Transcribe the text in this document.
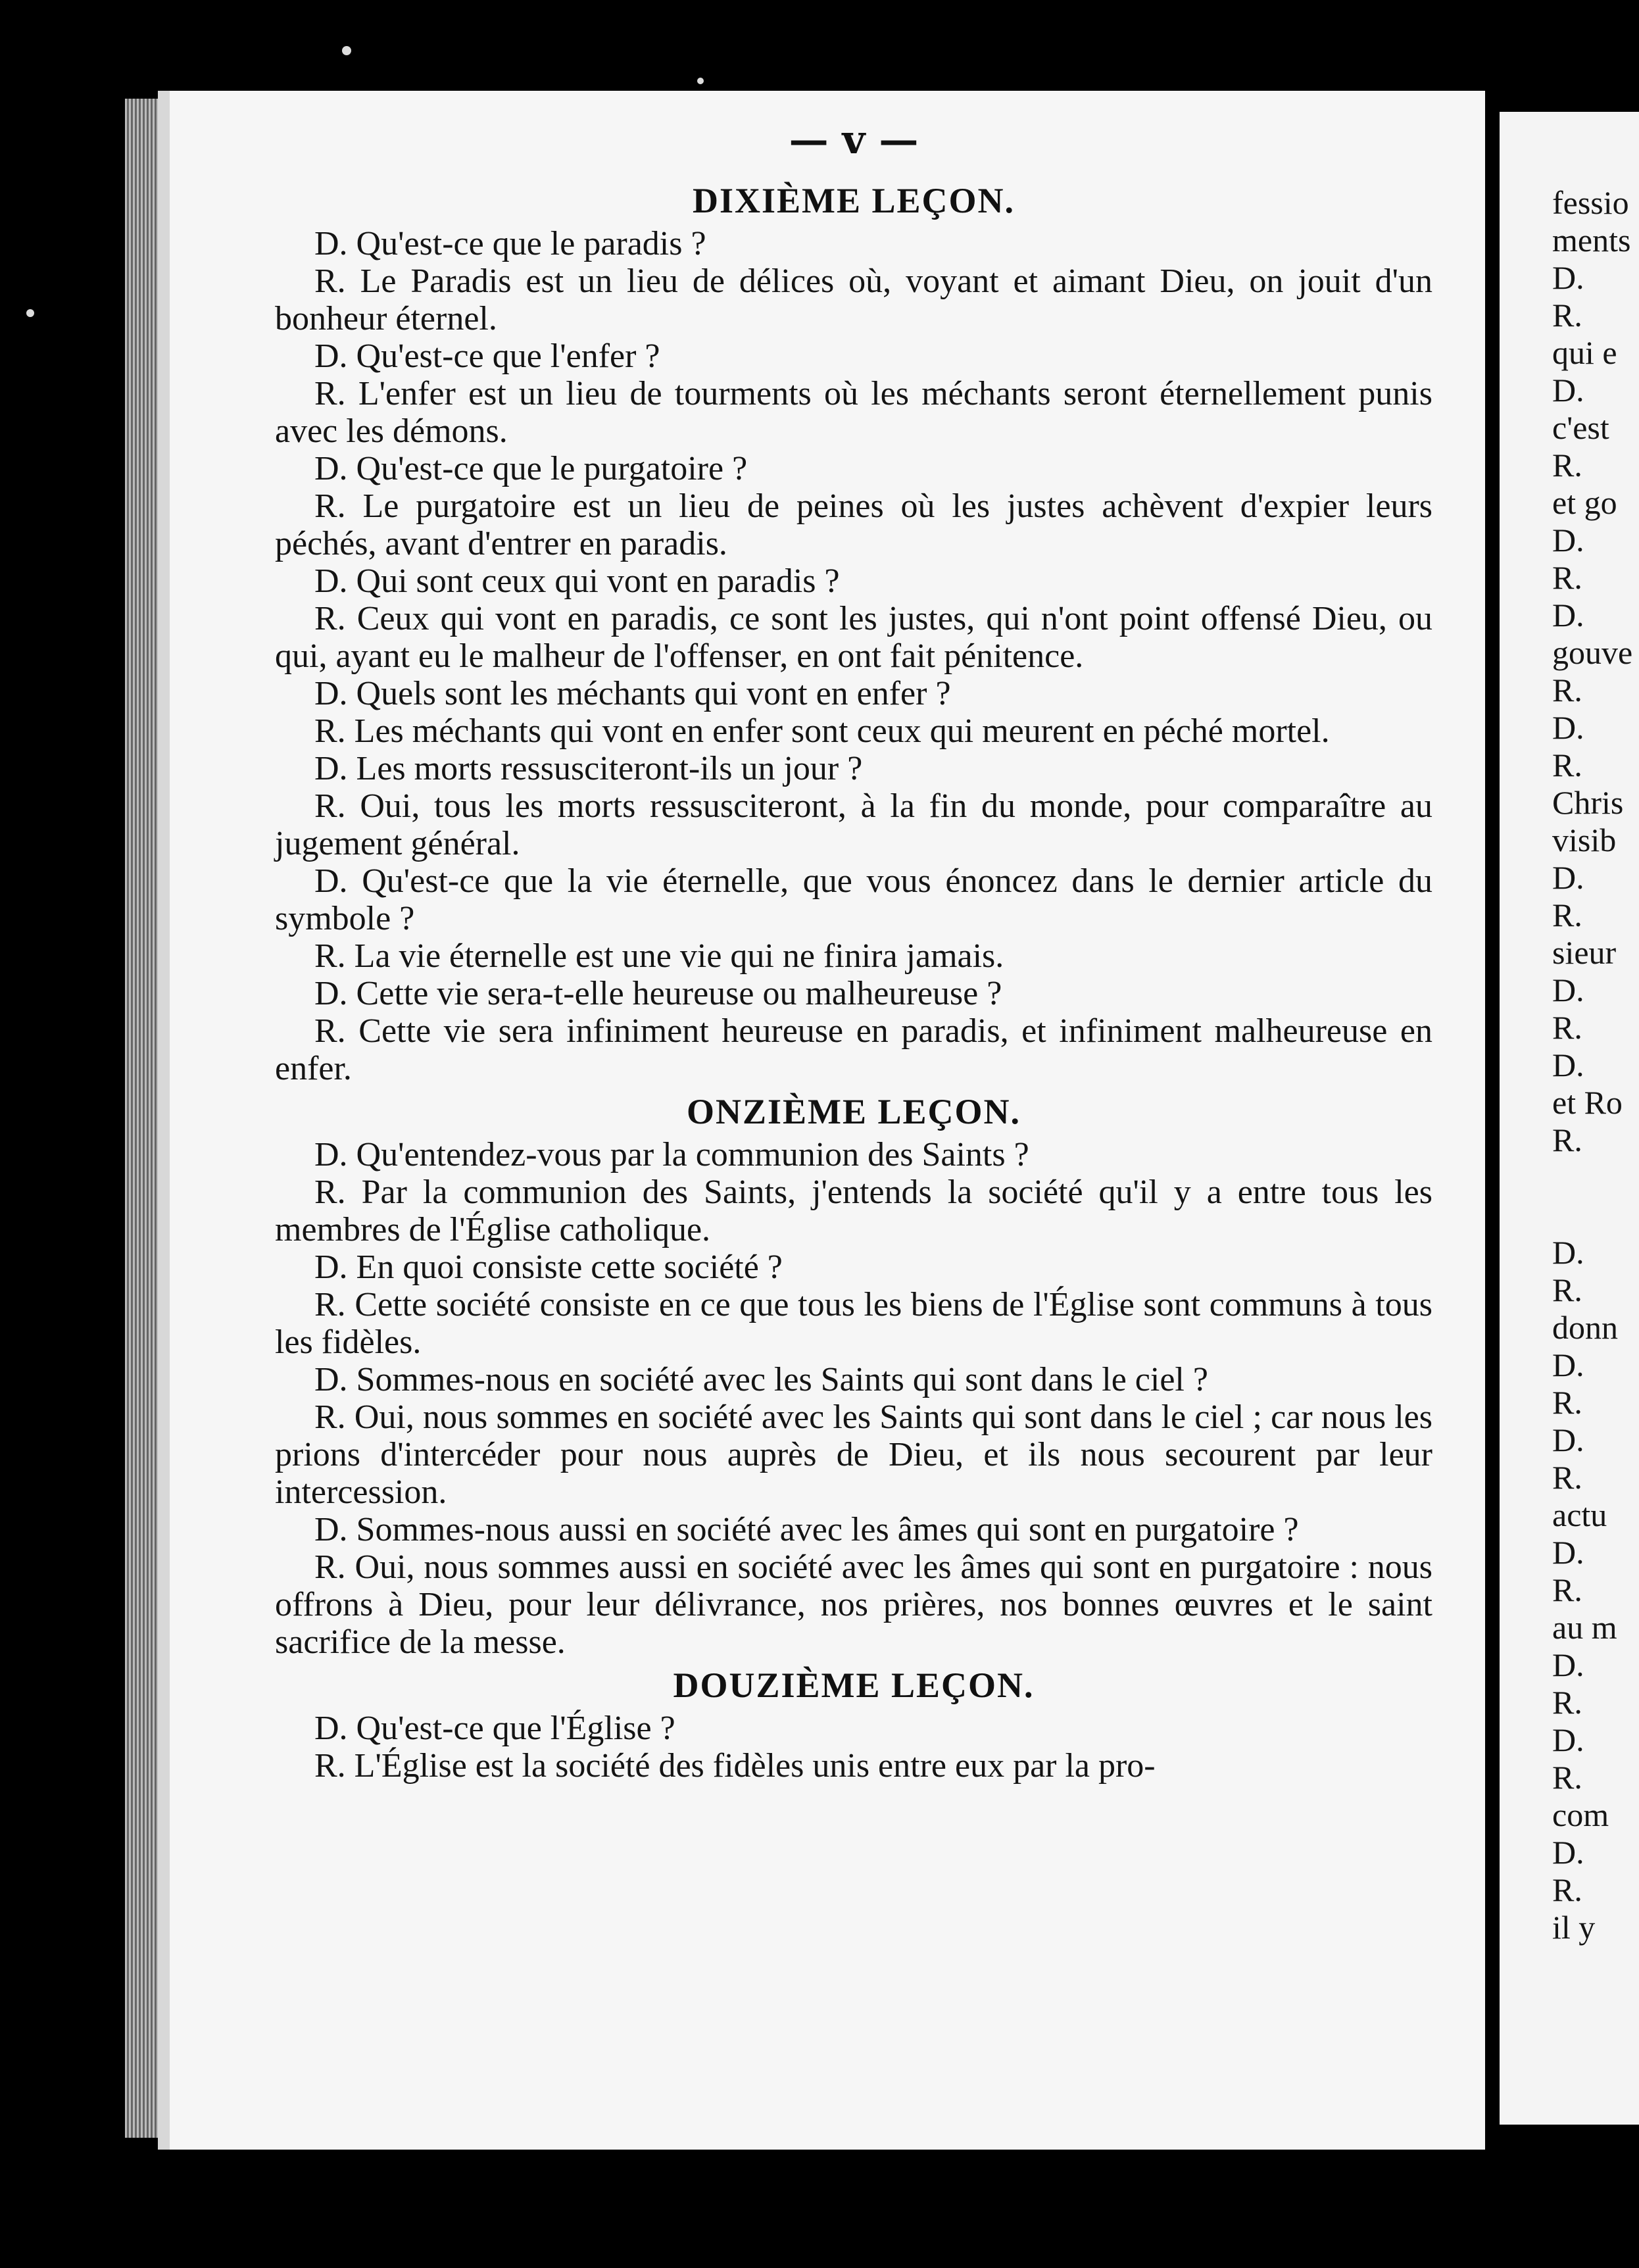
— v —
DIXIÈME LEÇON.

D. Qu'est-ce que le paradis ?

R. Le Paradis est un lieu de délices où, voyant et aimant Dieu, on jouit d'un bonheur éternel.

D. Qu'est-ce que l'enfer ?

R. L'enfer est un lieu de tourments où les méchants seront éternellement punis avec les démons.

D. Qu'est-ce que le purgatoire ?

R. Le purgatoire est un lieu de peines où les justes achèvent d'expier leurs péchés, avant d'entrer en paradis.

D. Qui sont ceux qui vont en paradis ?

R. Ceux qui vont en paradis, ce sont les justes, qui n'ont point offensé Dieu, ou qui, ayant eu le malheur de l'offenser, en ont fait pénitence.

D. Quels sont les méchants qui vont en enfer ?

R. Les méchants qui vont en enfer sont ceux qui meurent en péché mortel.

D. Les morts ressusciteront-ils un jour ?

R. Oui, tous les morts ressusciteront, à la fin du monde, pour comparaître au jugement général.

D. Qu'est-ce que la vie éternelle, que vous énoncez dans le dernier article du symbole ?

R. La vie éternelle est une vie qui ne finira jamais.

D. Cette vie sera-t-elle heureuse ou malheureuse ?

R. Cette vie sera infiniment heureuse en paradis, et infiniment malheureuse en enfer.

ONZIÈME LEÇON.

D. Qu'entendez-vous par la communion des Saints ?

R. Par la communion des Saints, j'entends la société qu'il y a entre tous les membres de l'Église catholique.

D. En quoi consiste cette société ?

R. Cette société consiste en ce que tous les biens de l'Église sont communs à tous les fidèles.

D. Sommes-nous en société avec les Saints qui sont dans le ciel ?

R. Oui, nous sommes en société avec les Saints qui sont dans le ciel ; car nous les prions d'intercéder pour nous auprès de Dieu, et ils nous secourent par leur intercession.

D. Sommes-nous aussi en société avec les âmes qui sont en purgatoire ?

R. Oui, nous sommes aussi en société avec les âmes qui sont en purgatoire : nous offrons à Dieu, pour leur délivrance, nos prières, nos bonnes œuvres et le saint sacrifice de la messe.

DOUZIÈME LEÇON.

D. Qu'est-ce que l'Église ?

R. L'Église est la société des fidèles unis entre eux par la pro-

fessio
ments
D.
R.
qui e
D.
c'est
R.
et go
D.
R.
D.
gouve
R.
D.
R.
Chris
visib
D.
R.
sieur
D.
R.
D.
et Ro
R.

D.
R.
donn
D.
R.
D.
R.
actu
D.
R.
au m
D.
R.
D.
R.
com
D.
R.
il y
